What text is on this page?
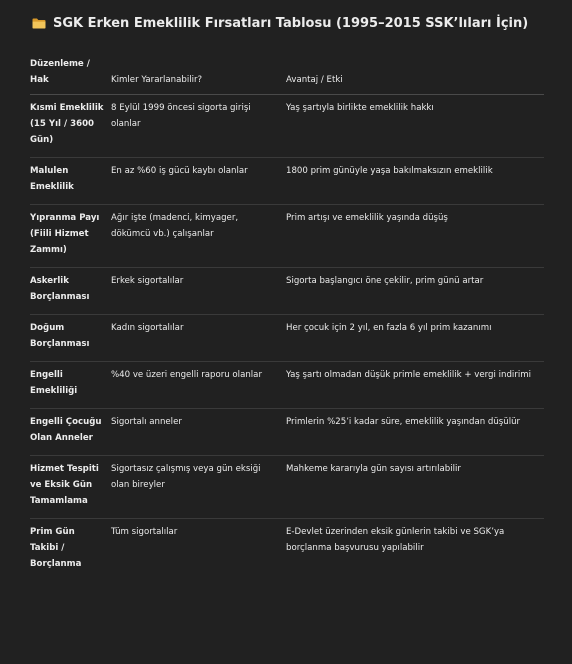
SGK Erken Emeklilik Fırsatları Tablosu (1995–2015 SSK’lıları İçin)
Düzenleme / Hak	Kimler Yararlanabilir?	Avantaj / Etki
Kısmi Emeklilik (15 Yıl / 3600 Gün)	8 Eylül 1999 öncesi sigorta girişi olanlar	Yaş şartıyla birlikte emeklilik hakkı
Malulen Emeklilik	En az %60 iş gücü kaybı olanlar	1800 prim günüyle yaşa bakılmaksızın emeklilik
Yıpranma Payı (Fiili Hizmet Zammı)	Ağır işte (madenci, kimyager, dökümcü vb.) çalışanlar	Prim artışı ve emeklilik yaşında düşüş
Askerlik Borçlanması	Erkek sigortalılar	Sigorta başlangıcı öne çekilir, prim günü artar
Doğum Borçlanması	Kadın sigortalılar	Her çocuk için 2 yıl, en fazla 6 yıl prim kazanımı
Engelli Emekliliği	%40 ve üzeri engelli raporu olanlar	Yaş şartı olmadan düşük primle emeklilik + vergi indirimi
Engelli Çocuğu Olan Anneler	Sigortalı anneler	Primlerin %25’i kadar süre, emeklilik yaşından düşülür
Hizmet Tespiti ve Eksik Gün Tamamlama	Sigortasız çalışmış veya gün eksiği olan bireyler	Mahkeme kararıyla gün sayısı artırılabilir
Prim Gün Takibi / Borçlanma	Tüm sigortalılar	E-Devlet üzerinden eksik günlerin takibi ve SGK’ya borçlanma başvurusu yapılabilir
